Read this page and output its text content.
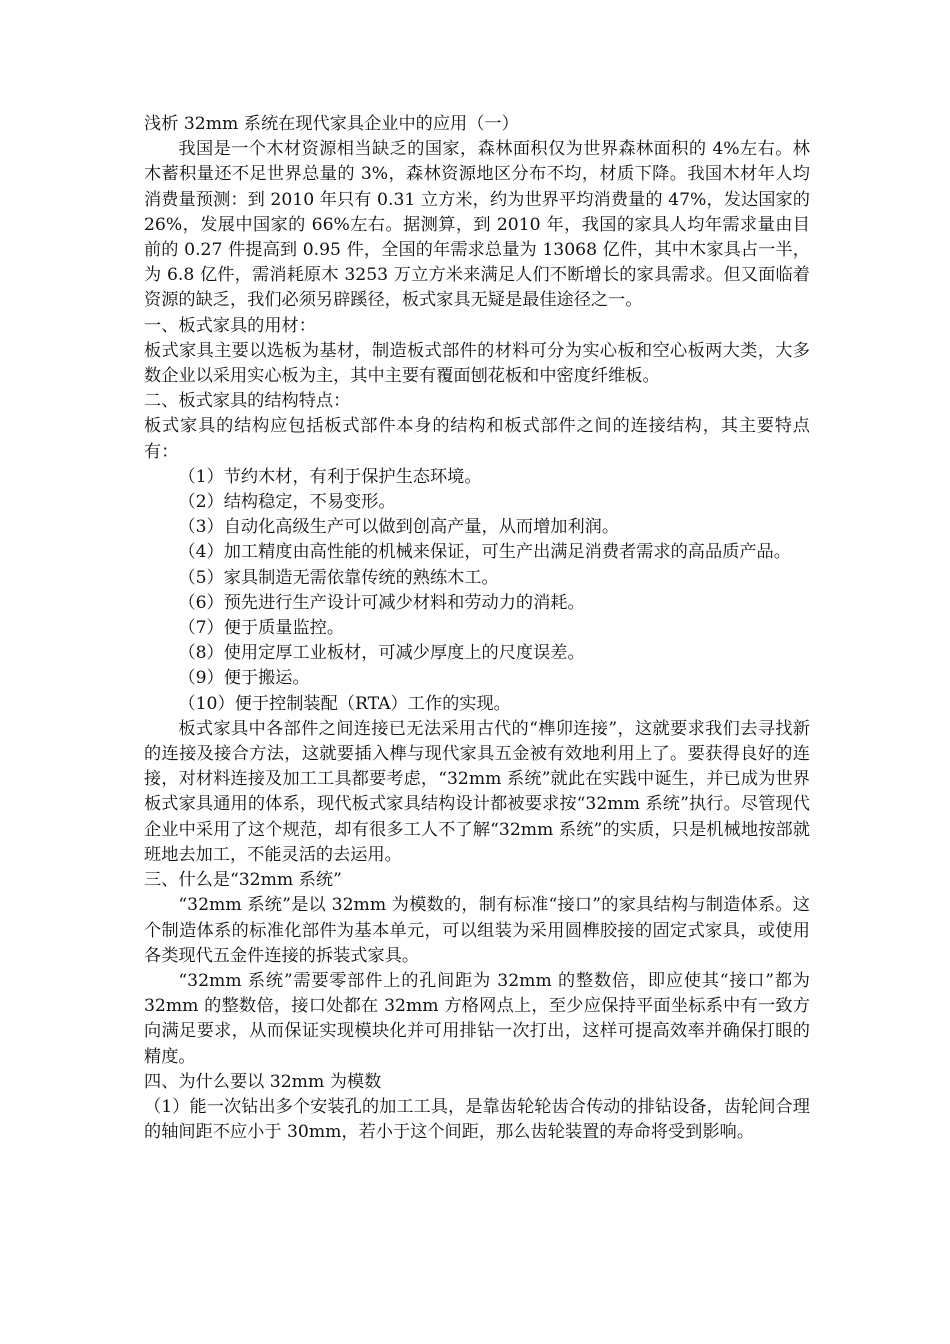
浅析 32mm 系统在现代家具企业中的应用（一）

我国是一个木材资源相当缺乏的国家，森林面积仅为世界森林面积的 4%左右。林木蓄积量还不足世界总量的 3%，森林资源地区分布不均，材质下降。我国木材年人均消费量预测：到 2010 年只有 0.31 立方米，约为世界平均消费量的 47%，发达国家的 26%，发展中国家的 66%左右。据测算，到 2010 年，我国的家具人均年需求量由目前的 0.27 件提高到 0.95 件，全国的年需求总量为 13068 亿件，其中木家具占一半，为 6.8 亿件，需消耗原木 3253 万立方米来满足人们不断增长的家具需求。但又面临着资源的缺乏，我们必须另辟蹊径，板式家具无疑是最佳途径之一。

一、板式家具的用材：

板式家具主要以选板为基材，制造板式部件的材料可分为实心板和空心板两大类，大多数企业以采用实心板为主，其中主要有覆面刨花板和中密度纤维板。

二、板式家具的结构特点：

板式家具的结构应包括板式部件本身的结构和板式部件之间的连接结构，其主要特点有：

（1）节约木材，有利于保护生态环境。

（2）结构稳定，不易变形。

（3）自动化高级生产可以做到创高产量，从而增加利润。

（4）加工精度由高性能的机械来保证，可生产出满足消费者需求的高品质产品。

（5）家具制造无需依靠传统的熟练木工。

（6）预先进行生产设计可减少材料和劳动力的消耗。

（7）便于质量监控。

（8）使用定厚工业板材，可减少厚度上的尺度误差。

（9）便于搬运。

（10）便于控制装配（RTA）工作的实现。

板式家具中各部件之间连接已无法采用古代的“榫卯连接”，这就要求我们去寻找新的连接及接合方法，这就要插入榫与现代家具五金被有效地利用上了。要获得良好的连接，对材料连接及加工工具都要考虑，“32mm 系统”就此在实践中诞生，并已成为世界板式家具通用的体系，现代板式家具结构设计都被要求按“32mm 系统”执行。尽管现代企业中采用了这个规范，却有很多工人不了解“32mm 系统”的实质，只是机械地按部就班地去加工，不能灵活的去运用。

三、什么是“32mm 系统”

“32mm 系统”是以 32mm 为模数的，制有标准“接口”的家具结构与制造体系。这个制造体系的标准化部件为基本单元，可以组装为采用圆榫胶接的固定式家具，或使用各类现代五金件连接的拆装式家具。

“32mm 系统”需要零部件上的孔间距为 32mm 的整数倍，即应使其“接口”都为 32mm 的整数倍，接口处都在 32mm 方格网点上，至少应保持平面坐标系中有一致方向满足要求，从而保证实现模块化并可用排钻一次打出，这样可提高效率并确保打眼的精度。

四、为什么要以 32mm 为模数

（1）能一次钻出多个安装孔的加工工具，是靠齿轮轮齿合传动的排钻设备，齿轮间合理的轴间距不应小于 30mm，若小于这个间距，那么齿轮装置的寿命将受到影响。
